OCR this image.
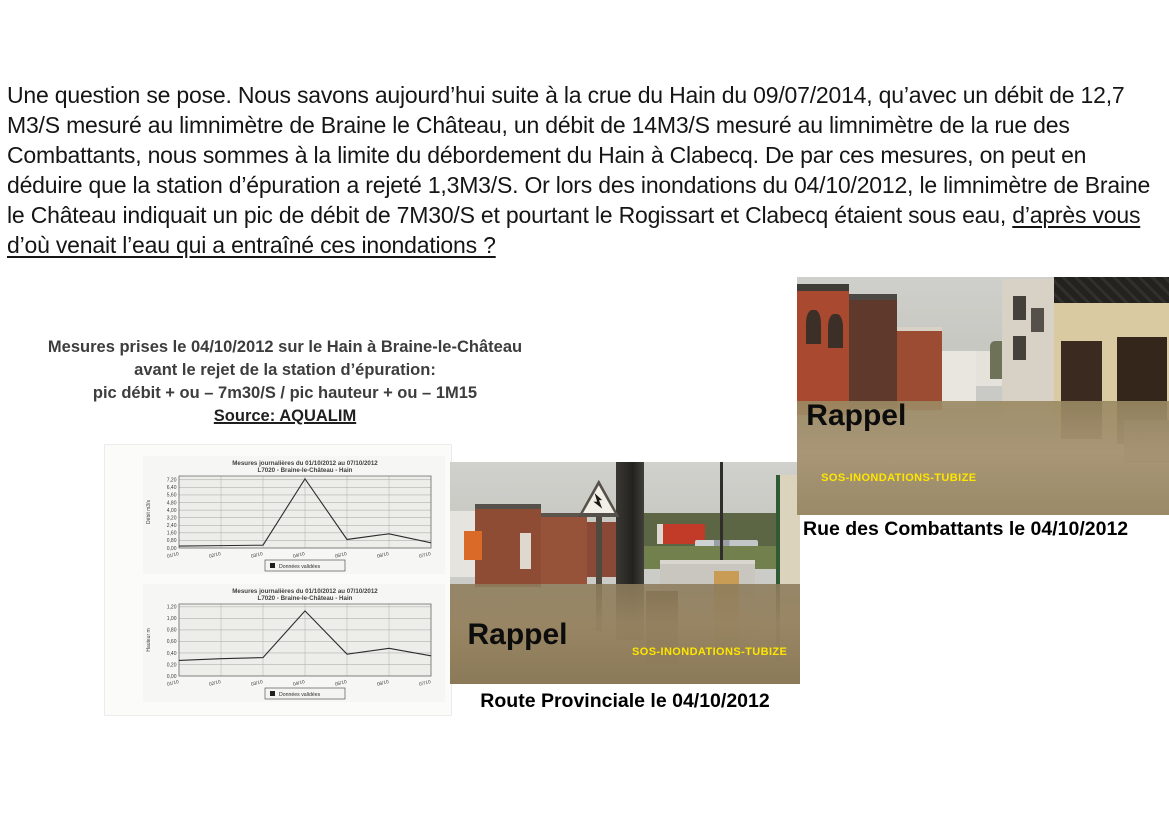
Une question se pose. Nous savons aujourd’hui suite à la crue du Hain du 09/07/2014, qu’avec un débit de 12,7 M3/S mesuré au limnimètre de Braine le Château, un débit de 14M3/S mesuré au limnimètre de la rue des Combattants, nous sommes à la limite du débordement du Hain à Clabecq. De par ces mesures, on peut en déduire que la station d’épuration a rejeté 1,3M3/S. Or lors des inondations du 04/10/2012, le limnimètre de Braine le Château indiquait un pic de débit de 7M30/S et pourtant le Rogissart et Clabecq étaient sous eau, d’après vous d’où venait l’eau qui a entraîné ces inondations ?
Mesures prises le 04/10/2012 sur le Hain à Braine-le-Château
avant le rejet de la station d’épuration:
pic débit + ou – 7m30/S / pic hauteur + ou – 1M15
Source: AQUALIM
7,20
6,40
5,60
4,80
4,00
3,20
2,40
1,60
0,80
0,00
01/10	02/10	03/10	04/10	05/10	06/10	07/10
Mesures journalières du 01/10/2012 au 07/10/2012
L7020 - Braine-le-Château - Hain
Débit m3/s
Données validées
1,20
1,00
0,80
0,60
0,40
0,20
0,00
01/10	02/10	03/10	04/10	05/10	06/10	07/10
Mesures journalières du 01/10/2012 au 07/10/2012
L7020 - Braine-le-Château - Hain
Hauteur m
Données validées
Rappel
SOS-INONDATIONS-TUBIZE
Route Provinciale le 04/10/2012
Rappel
SOS-INONDATIONS-TUBIZE
Rue des Combattants le 04/10/2012
